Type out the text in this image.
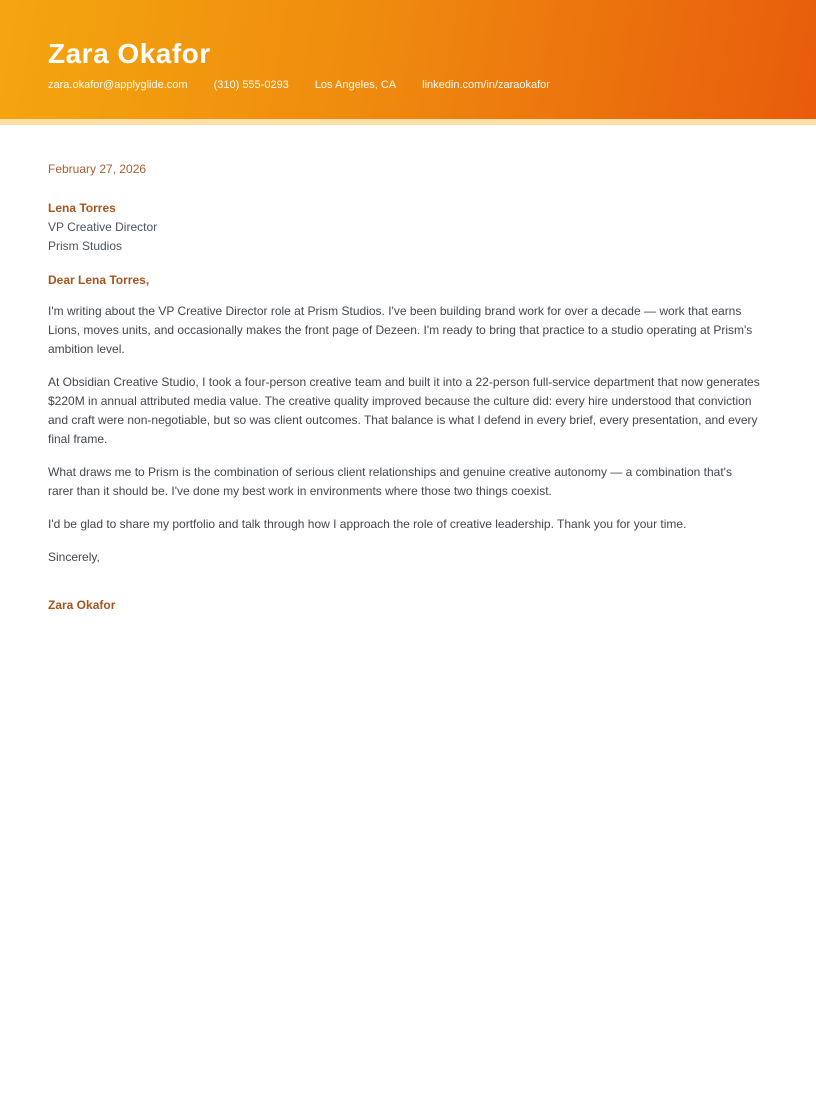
Zara Okafor
zara.okafor@applyglide.com (310) 555-0293 Los Angeles, CA linkedin.com/in/zaraokafor
February 27, 2026
Lena Torres
VP Creative Director
Prism Studios

Dear Lena Torres,

I'm writing about the VP Creative Director role at Prism Studios. I've been building brand work for over a decade — work that earns Lions, moves units, and occasionally makes the front page of Dezeen. I'm ready to bring that practice to a studio operating at Prism's ambition level.

At Obsidian Creative Studio, I took a four-person creative team and built it into a 22-person full-service department that now generates $220M in annual attributed media value. The creative quality improved because the culture did: every hire understood that conviction and craft were non-negotiable, but so was client outcomes. That balance is what I defend in every brief, every presentation, and every final frame.

What draws me to Prism is the combination of serious client relationships and genuine creative autonomy — a combination that's rarer than it should be. I've done my best work in environments where those two things coexist.

I'd be glad to share my portfolio and talk through how I approach the role of creative leadership. Thank you for your time.

Sincerely,

Zara Okafor
